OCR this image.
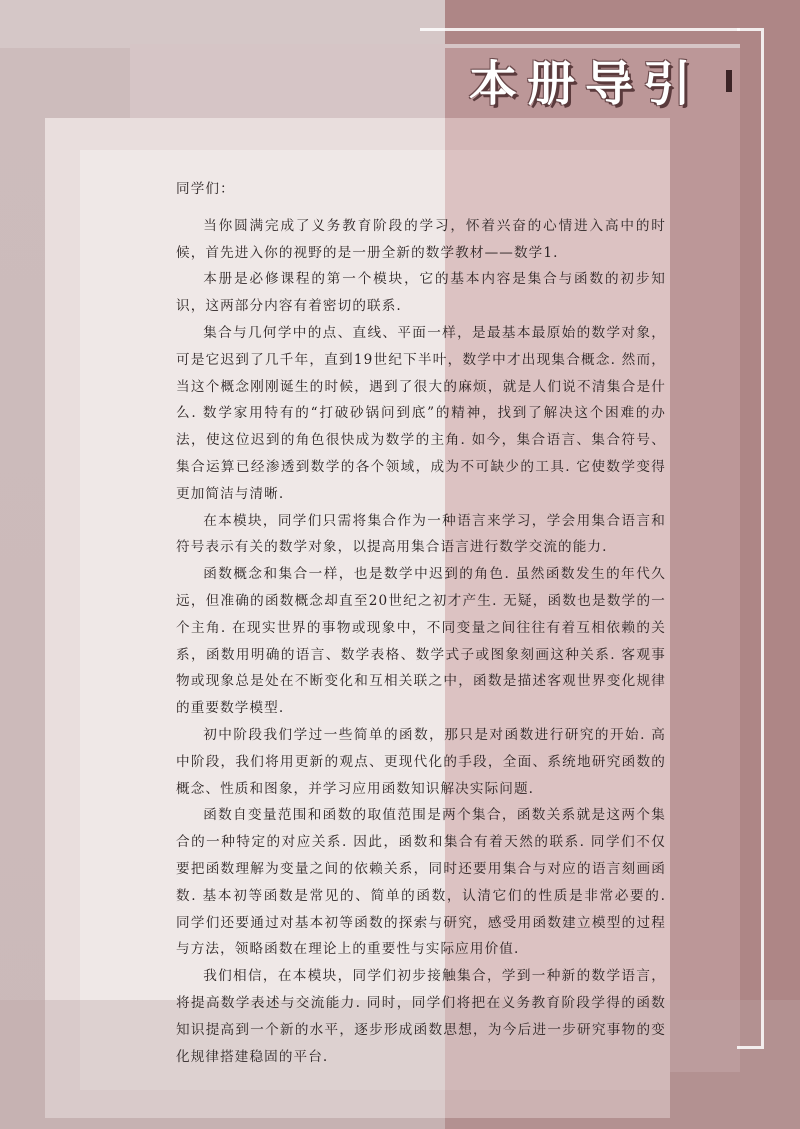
本册导引

同学们：

当你圆满完成了义务教育阶段的学习，怀着兴奋的心情进入高中的时候，首先进入你的视野的是一册全新的数学教材——数学1.

本册是必修课程的第一个模块，它的基本内容是集合与函数的初步知识，这两部分内容有着密切的联系.

集合与几何学中的点、直线、平面一样，是最基本最原始的数学对象，可是它迟到了几千年，直到19世纪下半叶，数学中才出现集合概念. 然而，当这个概念刚刚诞生的时候，遇到了很大的麻烦，就是人们说不清集合是什么. 数学家用特有的“打破砂锅问到底”的精神，找到了解决这个困难的办法，使这位迟到的角色很快成为数学的主角. 如今，集合语言、集合符号、集合运算已经渗透到数学的各个领域，成为不可缺少的工具. 它使数学变得更加简洁与清晰.

在本模块，同学们只需将集合作为一种语言来学习，学会用集合语言和符号表示有关的数学对象，以提高用集合语言进行数学交流的能力.

函数概念和集合一样，也是数学中迟到的角色. 虽然函数发生的年代久远，但准确的函数概念却直至20世纪之初才产生. 无疑，函数也是数学的一个主角. 在现实世界的事物或现象中，不同变量之间往往有着互相依赖的关系，函数用明确的语言、数学表格、数学式子或图象刻画这种关系. 客观事物或现象总是处在不断变化和互相关联之中，函数是描述客观世界变化规律的重要数学模型.

初中阶段我们学过一些简单的函数，那只是对函数进行研究的开始. 高中阶段，我们将用更新的观点、更现代化的手段，全面、系统地研究函数的概念、性质和图象，并学习应用函数知识解决实际问题.

函数自变量范围和函数的取值范围是两个集合，函数关系就是这两个集合的一种特定的对应关系. 因此，函数和集合有着天然的联系. 同学们不仅要把函数理解为变量之间的依赖关系，同时还要用集合与对应的语言刻画函数. 基本初等函数是常见的、简单的函数，认清它们的性质是非常必要的. 同学们还要通过对基本初等函数的探索与研究，感受用函数建立模型的过程与方法，领略函数在理论上的重要性与实际应用价值.

我们相信，在本模块，同学们初步接触集合，学到一种新的数学语言，将提高数学表述与交流能力. 同时，同学们将把在义务教育阶段学得的函数知识提高到一个新的水平，逐步形成函数思想，为今后进一步研究事物的变化规律搭建稳固的平台.
